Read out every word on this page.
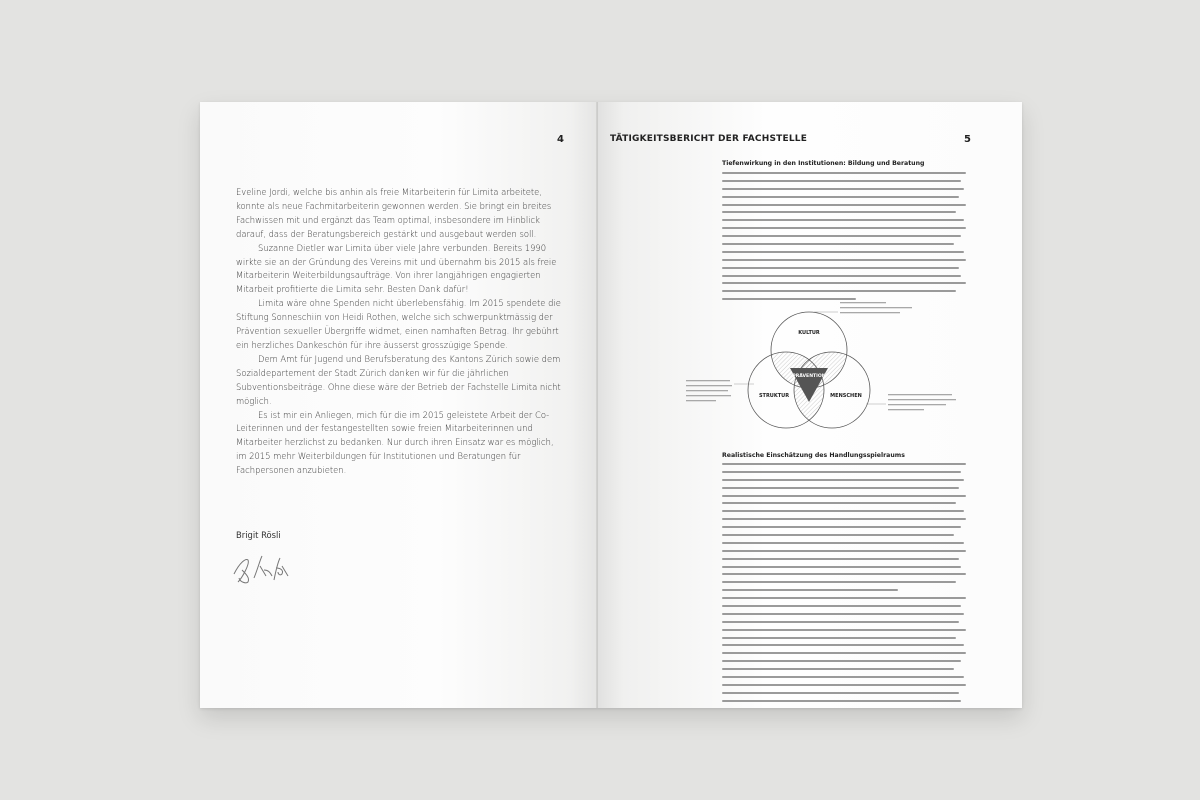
4

Eveline Jordi, welche bis anhin als freie Mitarbeiterin für Limita arbeitete, konnte als neue Fachmitarbeiterin gewonnen werden. Sie bringt ein breites Fachwissen mit und ergänzt das Team optimal, insbesondere im Hinblick darauf, dass der Beratungsbereich gestärkt und ausgebaut werden soll.

Suzanne Dietler war Limita über viele Jahre verbunden. Bereits 1990 wirkte sie an der Gründung des Vereins mit und übernahm bis 2015 als freie Mitarbeiterin Weiterbildungsaufträge. Von ihrer langjährigen engagierten Mitarbeit profitierte die Limita sehr. Besten Dank dafür!

Limita wäre ohne Spenden nicht überlebensfähig. Im 2015 spendete die Stiftung Sonneschiin von Heidi Rothen, welche sich schwerpunktmässig der Prävention sexueller Übergriffe widmet, einen namhaften Betrag. Ihr gebührt ein herzliches Dankeschön für ihre äusserst grosszügige Spende.

Dem Amt für Jugend und Berufsberatung des Kantons Zürich sowie dem Sozialdepartement der Stadt Zürich danken wir für die jährlichen Subventionsbeiträge. Ohne diese wäre der Betrieb der Fachstelle Limita nicht möglich.

Es ist mir ein Anliegen, mich für die im 2015 geleistete Arbeit der Co-Leiterinnen und der festangestellten sowie freien Mitarbeiterinnen und Mitarbeiter herzlichst zu bedanken. Nur durch ihren Einsatz war es möglich, im 2015 mehr Weiterbildungen für Institutionen und Beratungen für Fachpersonen anzubieten.

Brigit Rösli
TÄTIGKEITSBERICHT DER FACHSTELLE	5
Tiefenwirkung in den Institutionen: Bildung und Beratung
KULTUR
PRÄVENTION
STRUKTUR	MENSCHEN
Realistische Einschätzung des Handlungsspielraums
